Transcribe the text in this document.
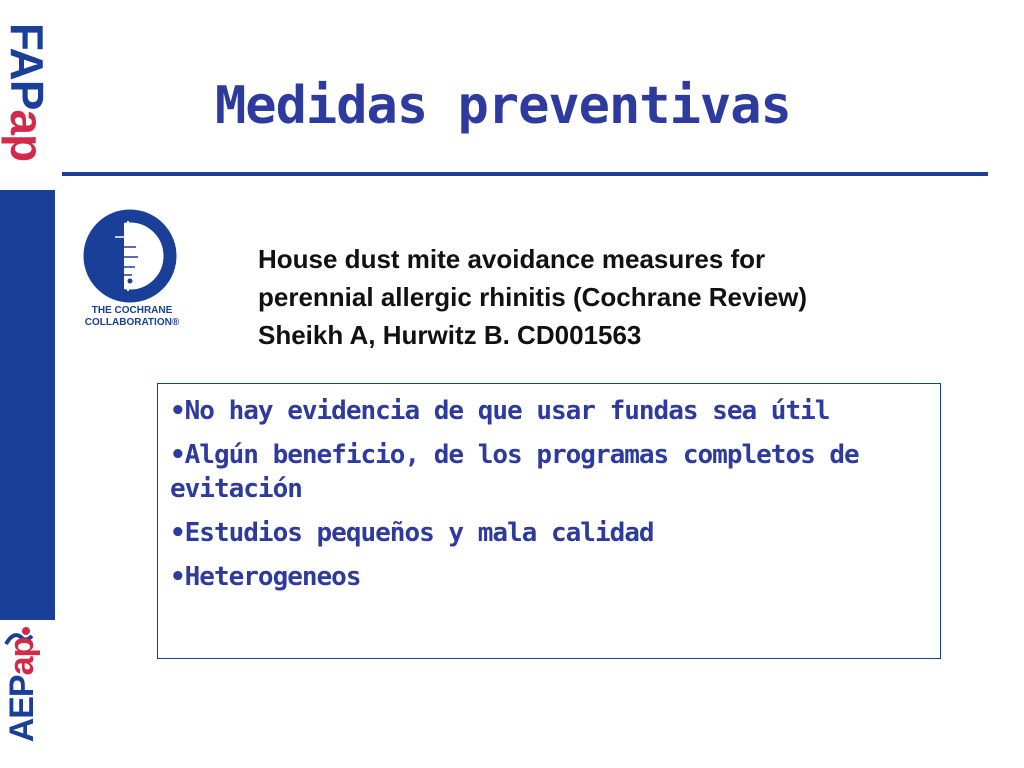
FAPap
AEPap
Medidas preventivas
THE COCHRANE
COLLABORATION®
House dust mite avoidance measures for
perennial allergic rhinitis (Cochrane Review)
Sheikh A, Hurwitz B. CD001563
•No hay evidencia de que usar fundas sea útil
•Algún beneficio, de los programas completos de evitación
•Estudios pequeños y mala calidad
•Heterogeneos
